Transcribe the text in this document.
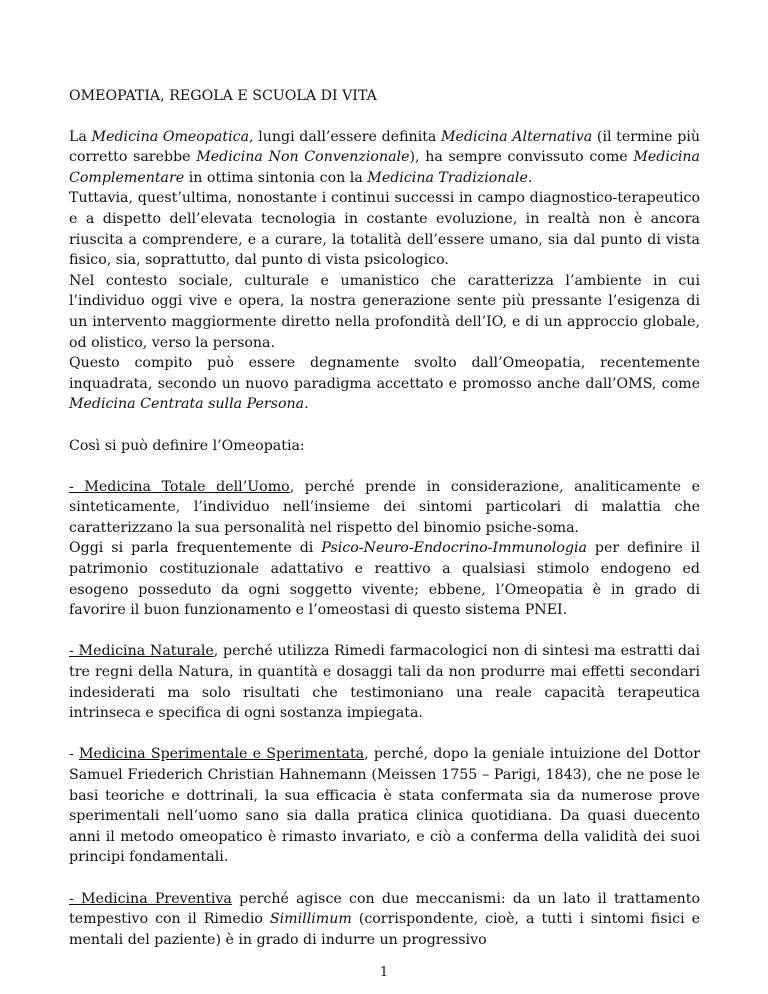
OMEOPATIA, REGOLA E SCUOLA DI VITA

La Medicina Omeopatica, lungi dall’essere definita Medicina Alternativa (il termine più corretto sarebbe Medicina Non Convenzionale), ha sempre convissuto come Medicina Complementare in ottima sintonia con la Medicina Tradizionale.

Tuttavia, quest’ultima, nonostante i continui successi in campo diagnostico-terapeutico e a dispetto dell’elevata tecnologia in costante evoluzione, in realtà non è ancora riuscita a comprendere, e a curare, la totalità dell’essere umano, sia dal punto di vista fisico, sia, soprattutto, dal punto di vista psicologico.

Nel contesto sociale, culturale e umanistico che caratterizza l’ambiente in cui l’individuo oggi vive e opera, la nostra generazione sente più pressante l’esigenza di un intervento maggiormente diretto nella profondità dell’IO, e di un approccio globale, od olistico, verso la persona.

Questo compito può essere degnamente svolto dall’Omeopatia, recentemente inquadrata, secondo un nuovo paradigma accettato e promosso anche dall’OMS, come Medicina Centrata sulla Persona.

Così si può definire l’Omeopatia:

- Medicina Totale dell’Uomo, perché prende in considerazione, analiticamente e sinteticamente, l’individuo nell’insieme dei sintomi particolari di malattia che caratterizzano la sua personalità nel rispetto del binomio psiche-soma.

Oggi si parla frequentemente di Psico-Neuro-Endocrino-Immunologia per definire il patrimonio costituzionale adattativo e reattivo a qualsiasi stimolo endogeno ed esogeno posseduto da ogni soggetto vivente; ebbene, l’Omeopatia è in grado di favorire il buon funzionamento e l’omeostasi di questo sistema PNEI.

- Medicina Naturale, perché utilizza Rimedi farmacologici non di sintesi ma estratti dai tre regni della Natura, in quantità e dosaggi tali da non produrre mai effetti secondari indesiderati ma solo risultati che testimoniano una reale capacità terapeutica intrinseca e specifica di ogni sostanza impiegata.

- Medicina Sperimentale e Sperimentata, perché, dopo la geniale intuizione del Dottor Samuel Friederich Christian Hahnemann (Meissen 1755 – Parigi, 1843), che ne pose le basi teoriche e dottrinali, la sua efficacia è stata confermata sia da numerose prove sperimentali nell’uomo sano sia dalla pratica clinica quotidiana. Da quasi duecento anni il metodo omeopatico è rimasto invariato, e ciò a conferma della validità dei suoi principi fondamentali.

- Medicina Preventiva perché agisce con due meccanismi: da un lato il trattamento tempestivo con il Rimedio Simillimum (corrispondente, cioè, a tutti i sintomi fisici e mentali del paziente) è in grado di indurre un progressivo

1
